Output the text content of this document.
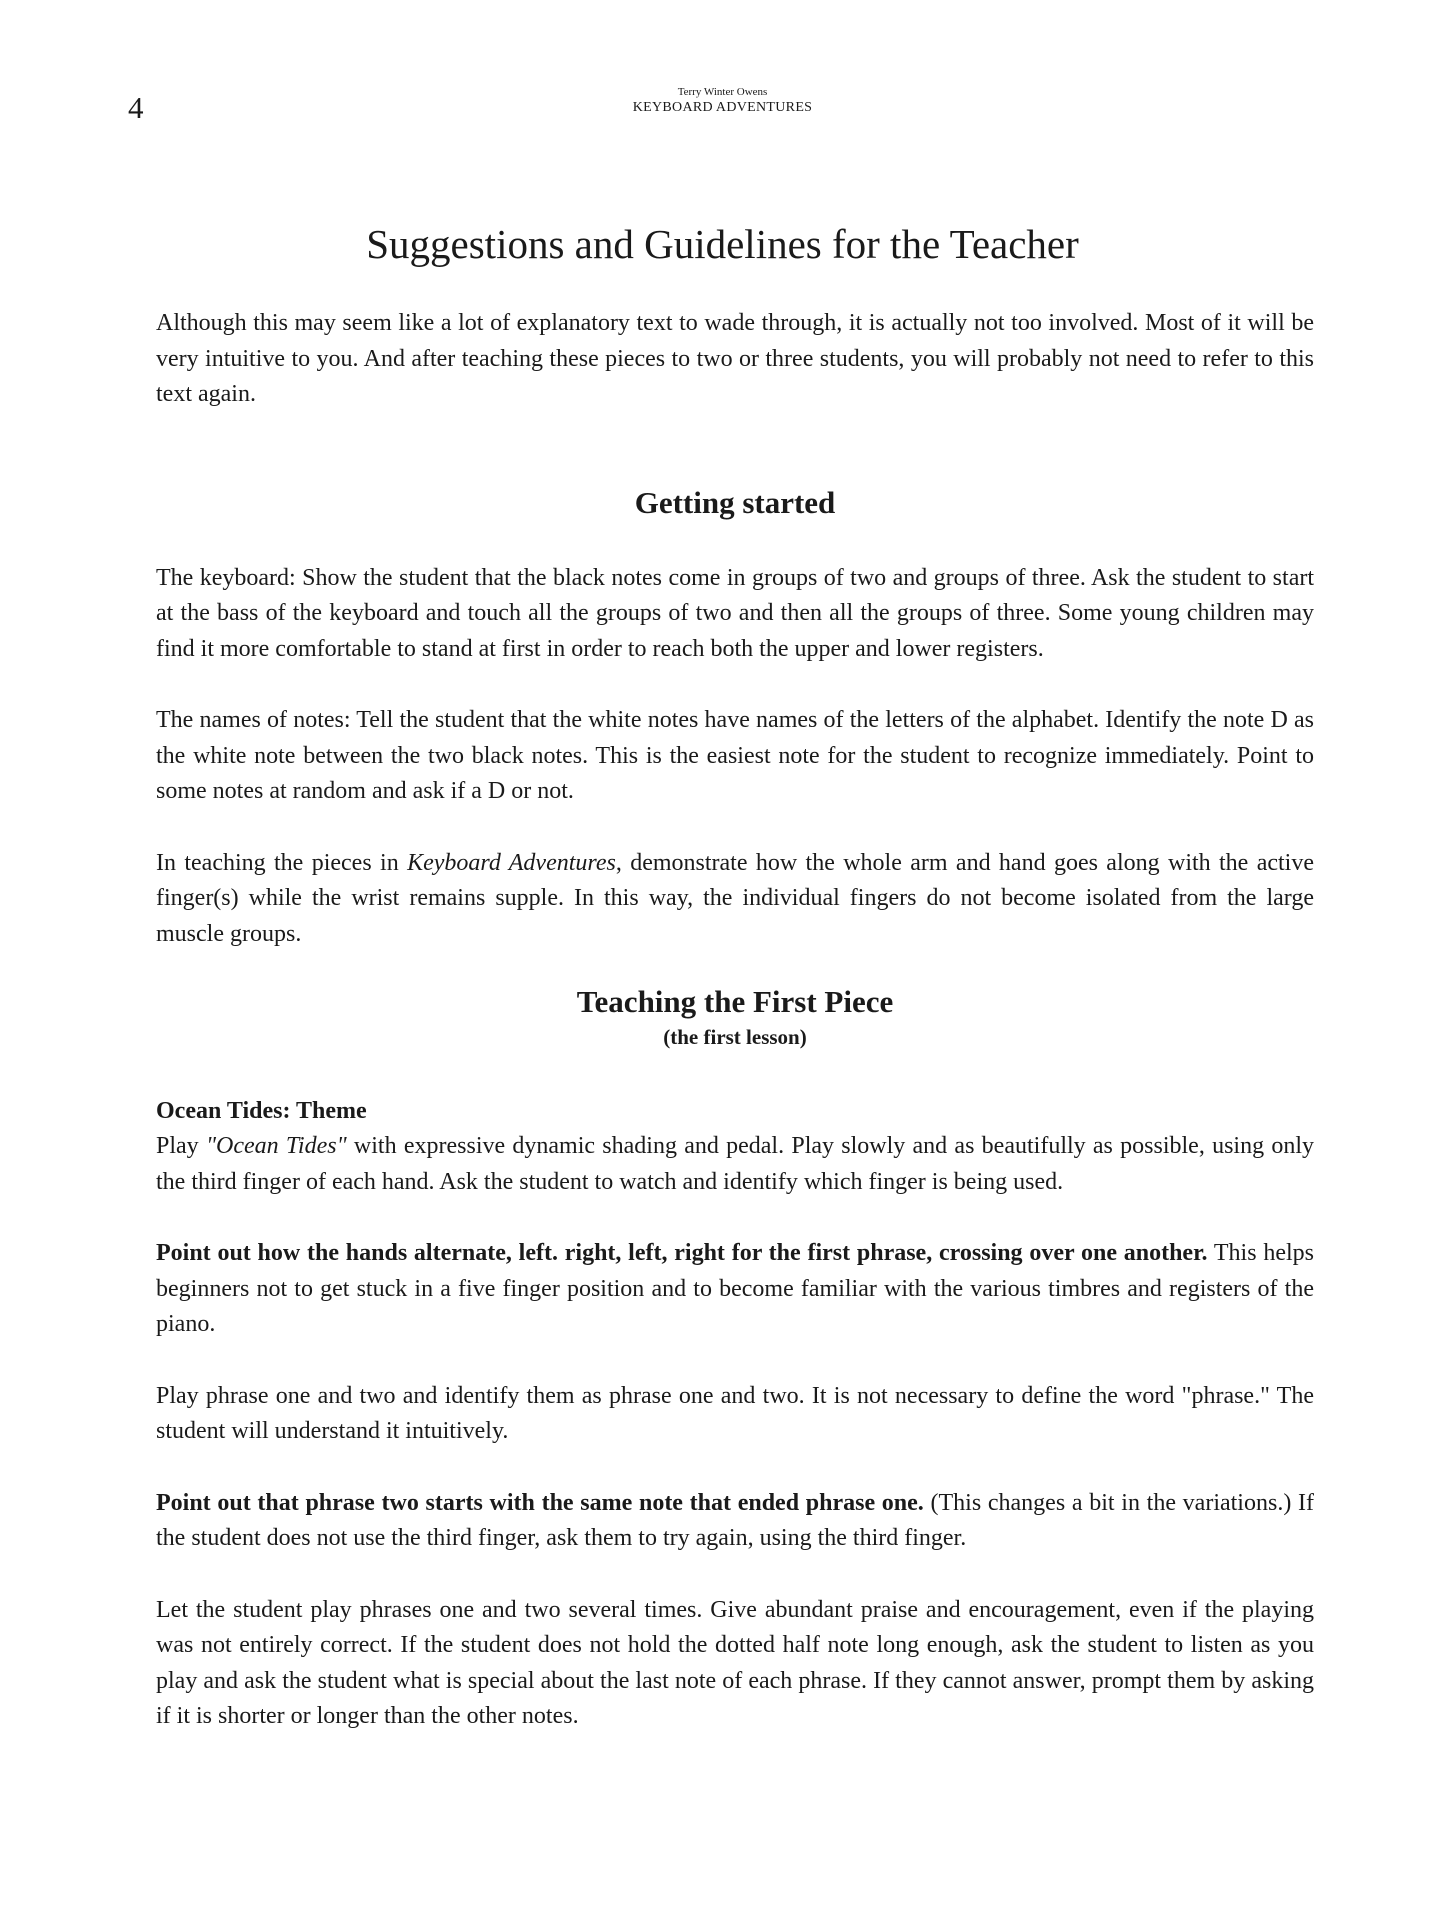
4	Terry Winter Owens
KEYBOARD ADVENTURES
Suggestions and Guidelines for the Teacher

Although this may seem like a lot of explanatory text to wade through, it is actually not too involved. Most of it will be very intuitive to you. And after teaching these pieces to two or three students, you will probably not need to refer to this text again.

Getting started

The keyboard: Show the student that the black notes come in groups of two and groups of three. Ask the student to start at the bass of the keyboard and touch all the groups of two and then all the groups of three. Some young children may find it more comfortable to stand at first in order to reach both the upper and lower registers.

The names of notes: Tell the student that the white notes have names of the letters of the alphabet. Identify the note D as the white note between the two black notes. This is the easiest note for the student to recognize immediately. Point to some notes at random and ask if a D or not.

In teaching the pieces in Keyboard Adventures, demonstrate how the whole arm and hand goes along with the active finger(s) while the wrist remains supple. In this way, the individual fingers do not become isolated from the large muscle groups.

Teaching the First Piece
(the first lesson)
Ocean Tides: Theme

Play "Ocean Tides" with expressive dynamic shading and pedal. Play slowly and as beautifully as possible, using only the third finger of each hand. Ask the student to watch and identify which finger is being used.

Point out how the hands alternate, left. right, left, right for the first phrase, crossing over one another. This helps beginners not to get stuck in a five finger position and to become familiar with the various timbres and registers of the piano.

Play phrase one and two and identify them as phrase one and two. It is not necessary to define the word "phrase." The student will understand it intuitively.

Point out that phrase two starts with the same note that ended phrase one. (This changes a bit in the variations.) If the student does not use the third finger, ask them to try again, using the third finger.

Let the student play phrases one and two several times. Give abundant praise and encouragement, even if the playing was not entirely correct. If the student does not hold the dotted half note long enough, ask the student to listen as you play and ask the student what is special about the last note of each phrase. If they cannot answer, prompt them by asking if it is shorter or longer than the other notes.
